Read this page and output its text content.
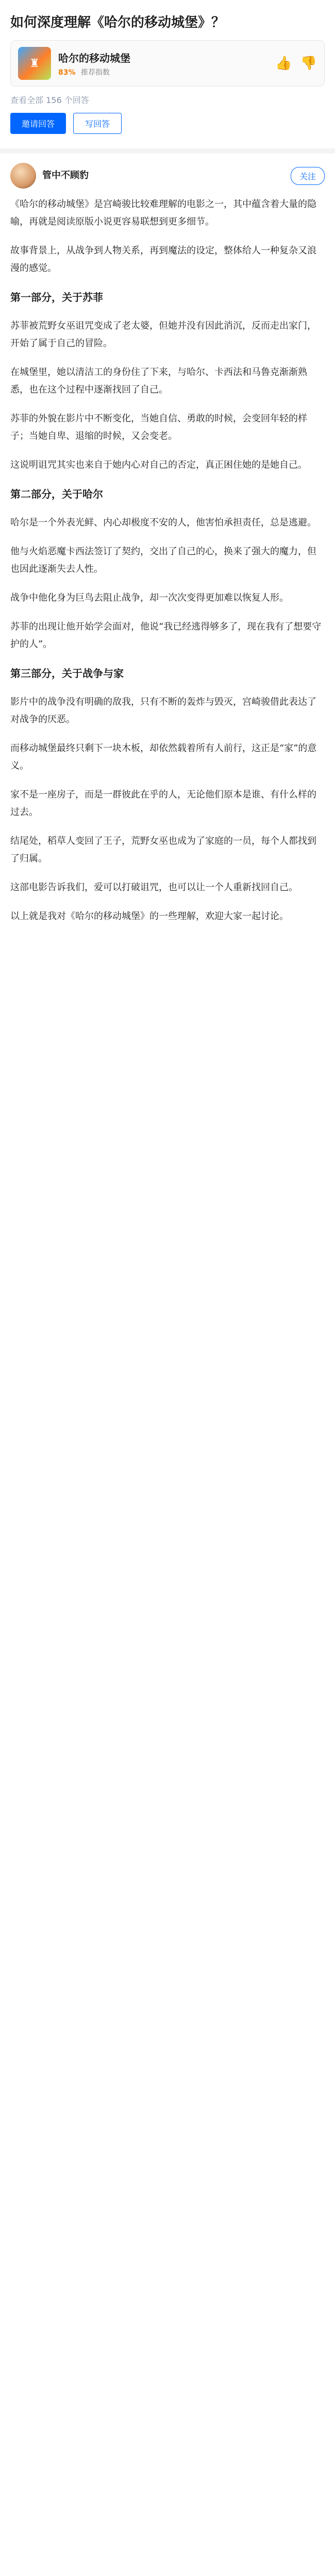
如何深度理解《哈尔的移动城堡》？
♜ 哈尔的移动城堡
83% 推荐指数
👍 👎
查看全部 156 个回答
邀请回答	写回答
管中不顾豹	关注

《哈尔的移动城堡》是宫崎骏比较难理解的电影之一，其中蕴含着大量的隐喻，再就是阅读原版小说更容易联想到更多细节。

故事背景上，从战争到人物关系，再到魔法的设定，整体给人一种复杂又浪漫的感觉。

第一部分，关于苏菲

苏菲被荒野女巫诅咒变成了老太婆，但她并没有因此消沉，反而走出家门，开始了属于自己的冒险。

在城堡里，她以清洁工的身份住了下来，与哈尔、卡西法和马鲁克渐渐熟悉，也在这个过程中逐渐找回了自己。

苏菲的外貌在影片中不断变化，当她自信、勇敢的时候，会变回年轻的样子；当她自卑、退缩的时候，又会变老。

这说明诅咒其实也来自于她内心对自己的否定，真正困住她的是她自己。

第二部分，关于哈尔

哈尔是一个外表光鲜、内心却极度不安的人，他害怕承担责任，总是逃避。

他与火焰恶魔卡西法签订了契约，交出了自己的心，换来了强大的魔力，但也因此逐渐失去人性。

战争中他化身为巨鸟去阻止战争，却一次次变得更加难以恢复人形。

苏菲的出现让他开始学会面对，他说“我已经逃得够多了，现在我有了想要守护的人”。

第三部分，关于战争与家

影片中的战争没有明确的敌我，只有不断的轰炸与毁灭，宫崎骏借此表达了对战争的厌恶。

而移动城堡最终只剩下一块木板，却依然载着所有人前行，这正是“家”的意义。

家不是一座房子，而是一群彼此在乎的人，无论他们原本是谁、有什么样的过去。

结尾处，稻草人变回了王子，荒野女巫也成为了家庭的一员，每个人都找到了归属。

这部电影告诉我们，爱可以打破诅咒，也可以让一个人重新找回自己。

以上就是我对《哈尔的移动城堡》的一些理解，欢迎大家一起讨论。
